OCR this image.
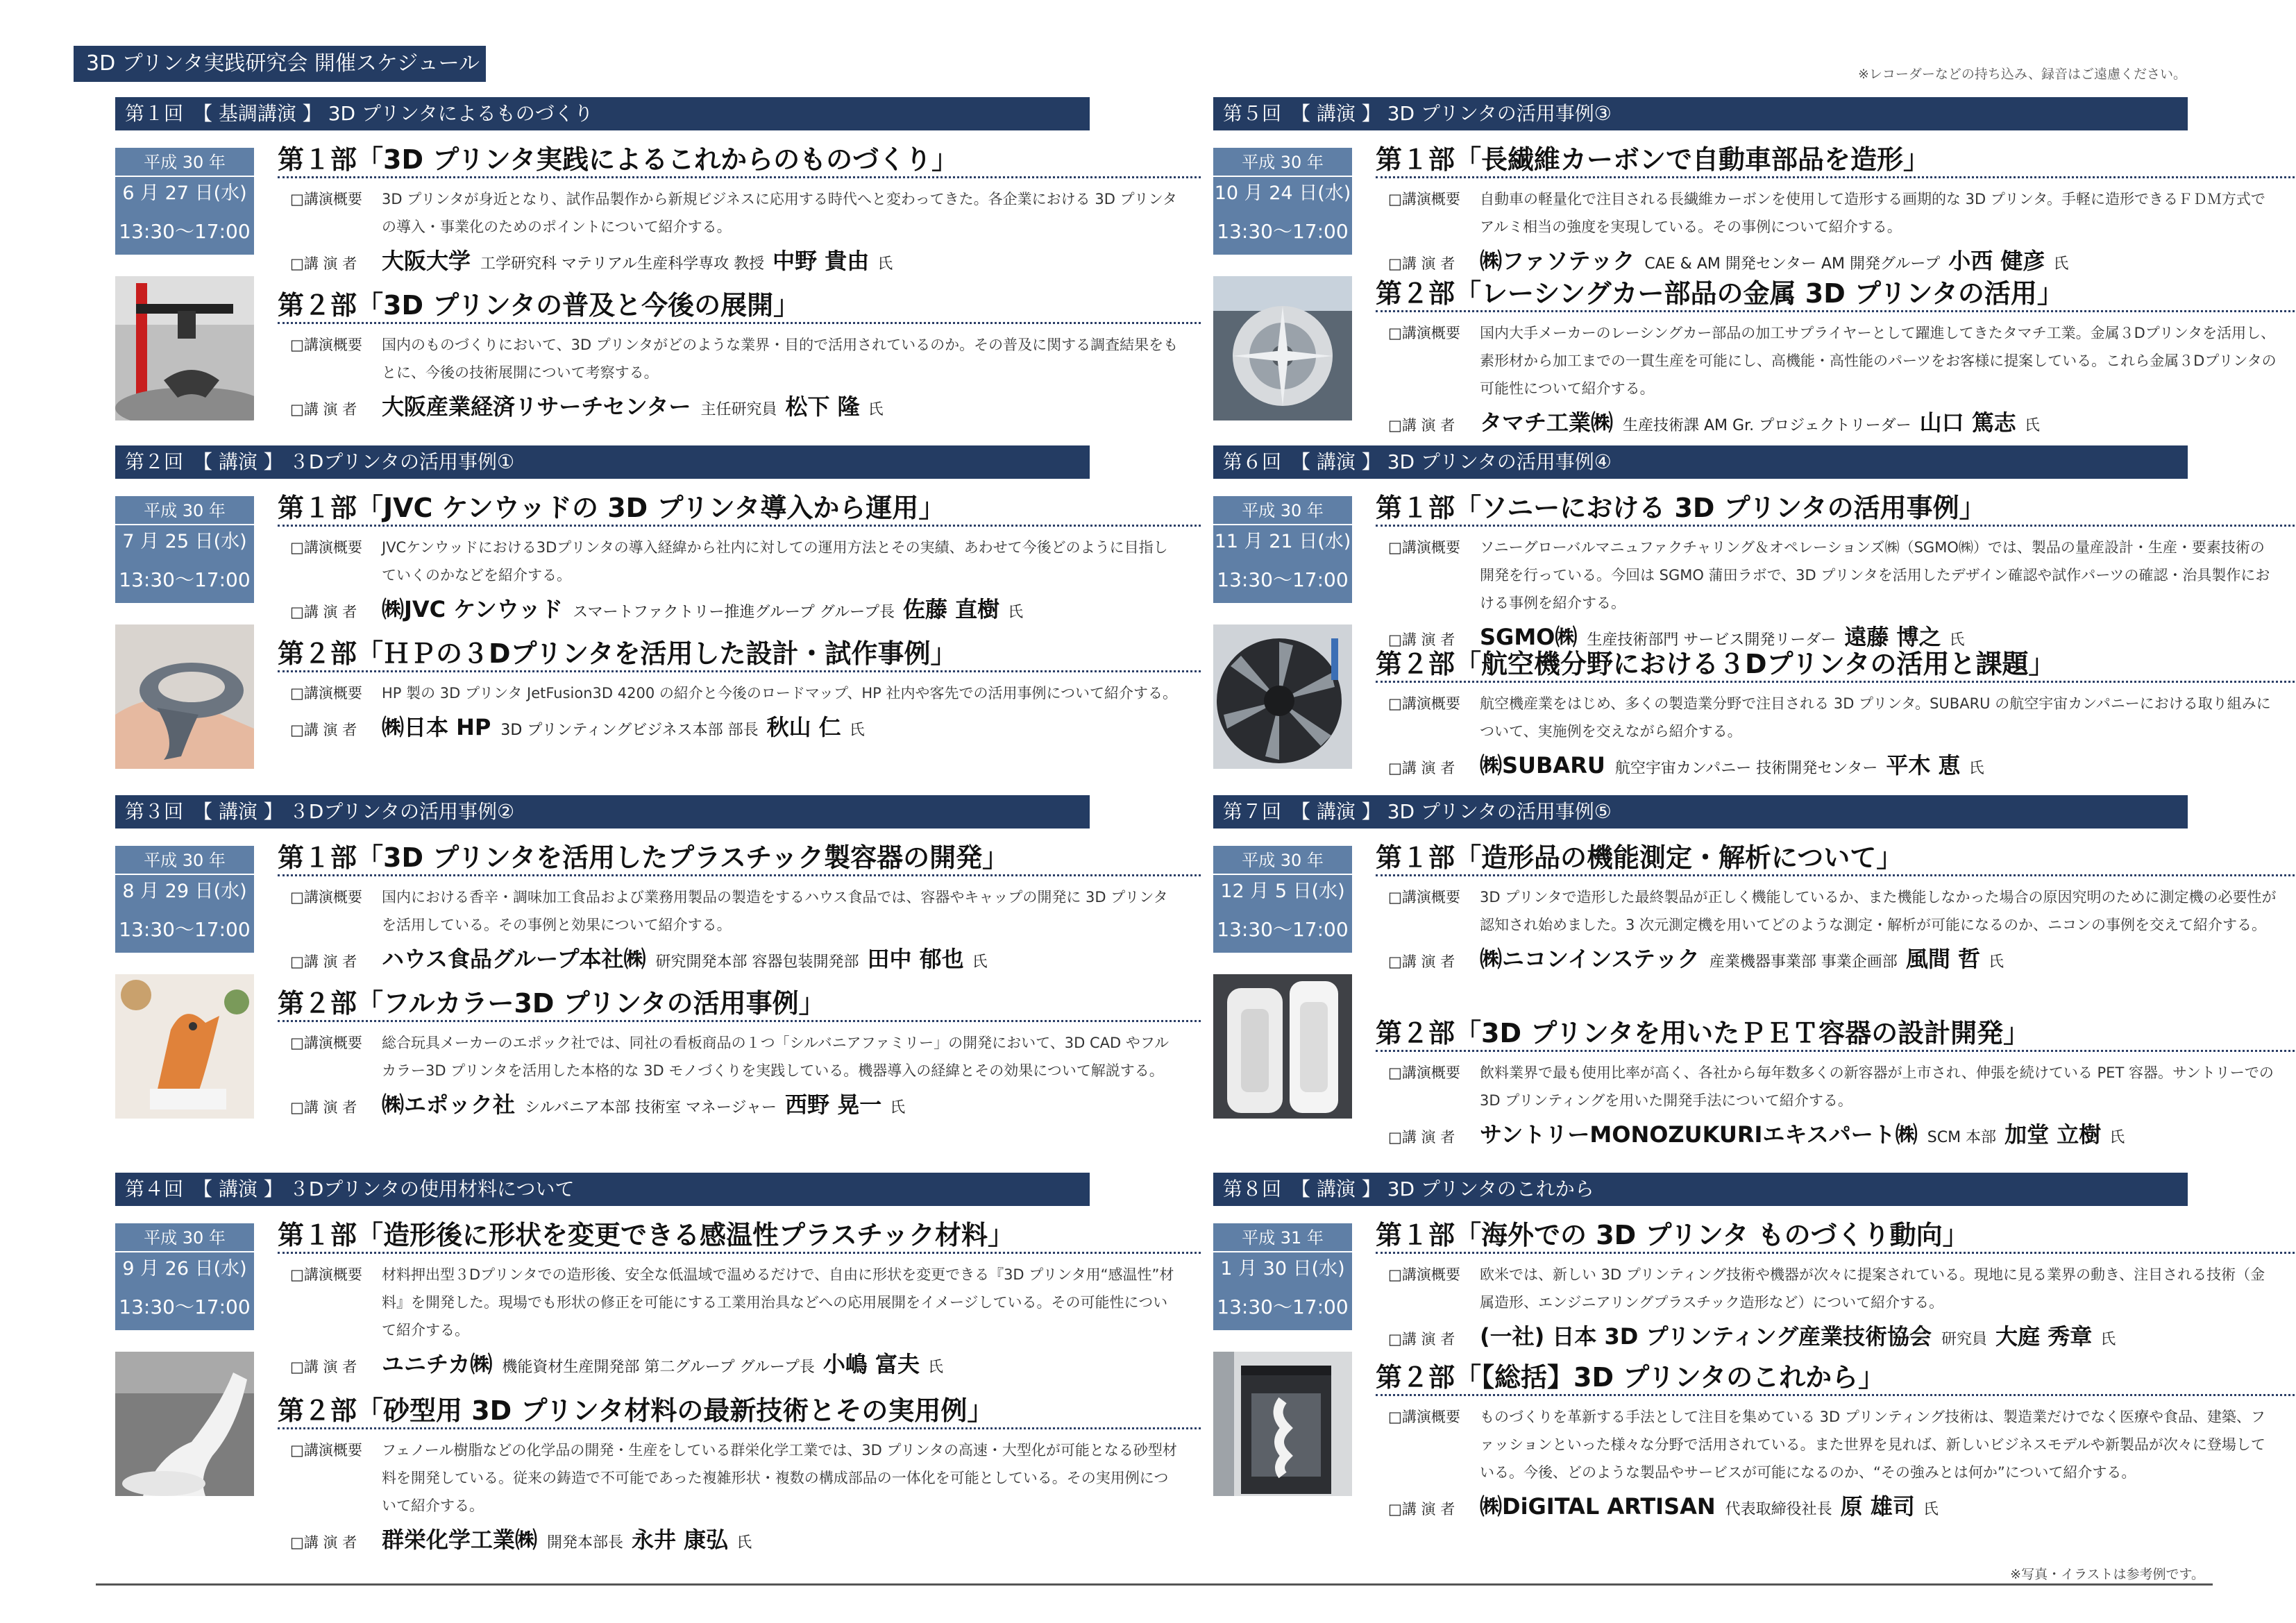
3D プリンタ実践研究会 開催スケジュール	※レコーダーなどの持ち込み、録音はご遠慮ください。
第１回　【 基調講演 】 3D プリンタによるものづくり
平成 30 年
6 月 27 日(水)
13:30〜17:00
第１部「3D プリンタ実践によるこれからのものづくり」
□講演概要	3D プリンタが身近となり、試作品製作から新規ビジネスに応用する時代へと変わってきた。各企業における 3D プリンタの導入・事業化のためのポイントについて紹介する。
□講 演 者	大阪大学 工学研究科 マテリアル生産科学専攻 教授 中野 貴由 氏
第２部「3D プリンタの普及と今後の展開」
□講演概要	国内のものづくりにおいて、3D プリンタがどのような業界・目的で活用されているのか。その普及に関する調査結果をもとに、今後の技術展開について考察する。
□講 演 者	大阪産業経済リサーチセンター 主任研究員 松下 隆 氏
第２回　【 講演 】 ３Dプリンタの活用事例①
平成 30 年
7 月 25 日(水)
13:30〜17:00
第１部「JVC ケンウッドの 3D プリンタ導入から運用」
□講演概要	JVCケンウッドにおける3Dプリンタの導入経緯から社内に対しての運用方法とその実績、あわせて今後どのように目指していくのかなどを紹介する。
□講 演 者	㈱JVC ケンウッド スマートファクトリー推進グループ グループ長 佐藤 直樹 氏
第２部「ＨＰの３Dプリンタを活用した設計・試作事例」
□講演概要	HP 製の 3D プリンタ JetFusion3D 4200 の紹介と今後のロードマップ、HP 社内や客先での活用事例について紹介する。
□講 演 者	㈱日本 HP 3D プリンティングビジネス本部 部長 秋山 仁 氏
第３回　【 講演 】 ３Dプリンタの活用事例②
平成 30 年
8 月 29 日(水)
13:30〜17:00
第１部「3D プリンタを活用したプラスチック製容器の開発」
□講演概要	国内における香辛・調味加工食品および業務用製品の製造をするハウス食品では、容器やキャップの開発に 3D プリンタを活用している。その事例と効果について紹介する。
□講 演 者	ハウス食品グループ本社㈱ 研究開発本部 容器包装開発部 田中 郁也 氏
第２部「フルカラー3D プリンタの活用事例」
□講演概要	総合玩具メーカーのエポック社では、同社の看板商品の１つ「シルバニアファミリー」の開発において、3D CAD やフルカラー3D プリンタを活用した本格的な 3D モノづくりを実践している。機器導入の経緯とその効果について解説する。
□講 演 者	㈱エポック社 シルバニア本部 技術室 マネージャー 西野 晃一 氏
第４回　【 講演 】 ３Dプリンタの使用材料について
平成 30 年
9 月 26 日(水)
13:30〜17:00
第１部「造形後に形状を変更できる感温性プラスチック材料」
□講演概要	材料押出型３Dプリンタでの造形後、安全な低温域で温めるだけで、自由に形状を変更できる『3D プリンタ用“感温性”材料』を開発した。現場でも形状の修正を可能にする工業用治具などへの応用展開をイメージしている。その可能性について紹介する。
□講 演 者	ユニチカ㈱ 機能資材生産開発部 第二グループ グループ長 小嶋 富夫 氏
第２部「砂型用 3D プリンタ材料の最新技術とその実用例」
□講演概要	フェノール樹脂などの化学品の開発・生産をしている群栄化学工業では、3D プリンタの高速・大型化が可能となる砂型材料を開発している。従来の鋳造で不可能であった複雑形状・複数の構成部品の一体化を可能としている。その実用例について紹介する。
□講 演 者	群栄化学工業㈱ 開発本部長 永井 康弘 氏
第５回　【 講演 】 3D プリンタの活用事例③
平成 30 年
10 月 24 日(水)
13:30〜17:00
第１部「長繊維カーボンで自動車部品を造形」
□講演概要	自動車の軽量化で注目される長繊維カーボンを使用して造形する画期的な 3D プリンタ。手軽に造形できるＦＤＭ方式でアルミ相当の強度を実現している。その事例について紹介する。
□講 演 者	㈱ファソテック CAE & AM 開発センター AM 開発グループ 小西 健彦 氏
第２部「レーシングカー部品の金属 3D プリンタの活用」
□講演概要	国内大手メーカーのレーシングカー部品の加工サプライヤーとして躍進してきたタマチ工業。金属３Dプリンタを活用し、素形材から加工までの一貫生産を可能にし、高機能・高性能のパーツをお客様に提案している。これら金属３Dプリンタの可能性について紹介する。
□講 演 者	タマチ工業㈱ 生産技術課 AM Gr. プロジェクトリーダー 山口 篤志 氏
第６回　【 講演 】 3D プリンタの活用事例④
平成 30 年
11 月 21 日(水)
13:30〜17:00
第１部「ソニーにおける 3D プリンタの活用事例」
□講演概要	ソニーグローバルマニュファクチャリング＆オペレーションズ㈱（SGMO㈱）では、製品の量産設計・生産・要素技術の開発を行っている。今回は SGMO 蒲田ラボで、3D プリンタを活用したデザイン確認や試作パーツの確認・治具製作における事例を紹介する。
□講 演 者	SGMO㈱ 生産技術部門 サービス開発リーダー 遠藤 博之 氏
第２部「航空機分野における３Dプリンタの活用と課題」
□講演概要	航空機産業をはじめ、多くの製造業分野で注目される 3D プリンタ。SUBARU の航空宇宙カンパニーにおける取り組みについて、実施例を交えながら紹介する。
□講 演 者	㈱SUBARU 航空宇宙カンパニー 技術開発センター 平木 恵 氏
第７回　【 講演 】 3D プリンタの活用事例⑤
平成 30 年
12 月 5 日(水)
13:30〜17:00
第１部「造形品の機能測定・解析について」
□講演概要	3D プリンタで造形した最終製品が正しく機能しているか、また機能しなかった場合の原因究明のために測定機の必要性が認知され始めました。3 次元測定機を用いてどのような測定・解析が可能になるのか、ニコンの事例を交えて紹介する。
□講 演 者	㈱ニコンインステック 産業機器事業部 事業企画部 風間 哲 氏
第２部「3D プリンタを用いたＰＥＴ容器の設計開発」
□講演概要	飲料業界で最も使用比率が高く、各社から毎年数多くの新容器が上市され、伸張を続けている PET 容器。サントリーでの 3D プリンティングを用いた開発手法について紹介する。
□講 演 者	サントリーMONOZUKURIエキスパート㈱ SCM 本部 加堂 立樹 氏
第８回　【 講演 】 3D プリンタのこれから
平成 31 年
1 月 30 日(水)
13:30〜17:00
第１部「海外での 3D プリンタ ものづくり動向」
□講演概要	欧米では、新しい 3D プリンティング技術や機器が次々に提案されている。現地に見る業界の動き、注目される技術（金属造形、エンジニアリングプラスチック造形など）について紹介する。
□講 演 者	(一社) 日本 3D プリンティング産業技術協会 研究員 大庭 秀章 氏
第２部「【総括】3D プリンタのこれから」
□講演概要	ものづくりを革新する手法として注目を集めている 3D プリンティング技術は、製造業だけでなく医療や食品、建築、ファッションといった様々な分野で活用されている。また世界を見れば、新しいビジネスモデルや新製品が次々に登場している。今後、どのような製品やサービスが可能になるのか、“その強みとは何か”について紹介する。
□講 演 者	㈱DiGITAL ARTISAN 代表取締役社長 原 雄司 氏
※写真・イラストは参考例です。
